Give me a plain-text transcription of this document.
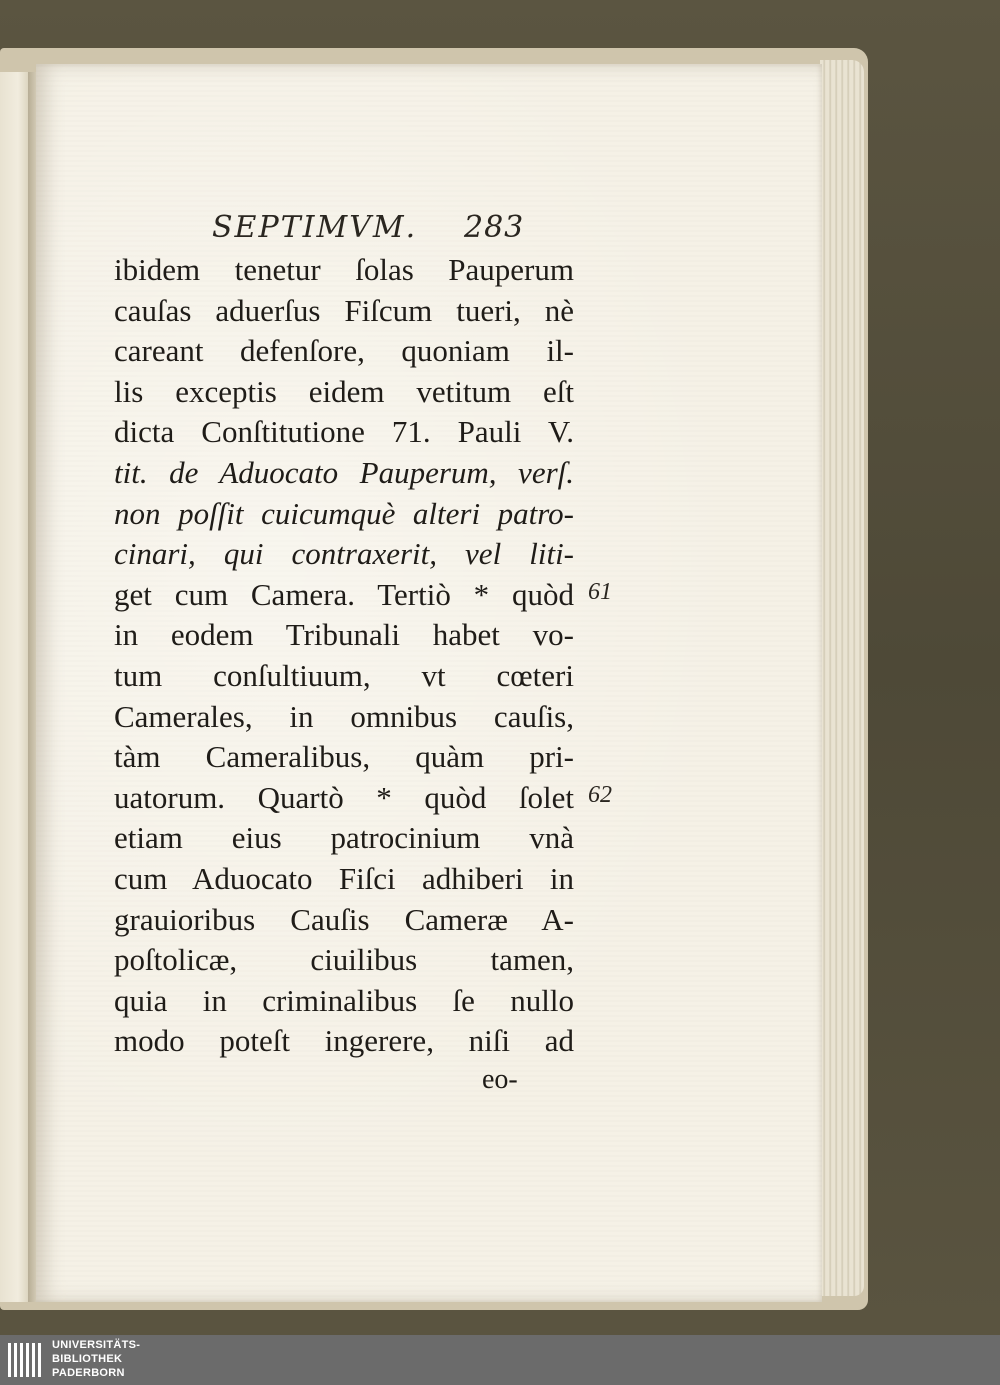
SEPTIMVM. 283
ibidem tenetur ſolas Pauperum
cauſas aduerſus Fiſcum tueri, nè
careant defenſore, quoniam il-
lis exceptis eidem vetitum eſt
dicta Conſtitutione 71. Pauli V.
tit. de Aduocato Pauperum, verſ.
non poſſit cuicumquè alteri patro-
cinari, qui contraxerit, vel liti-
get cum Camera. Tertiò * quòd
in eodem Tribunali habet vo-
tum conſultiuum, vt cœteri
Camerales, in omnibus cauſis,
tàm Cameralibus, quàm pri-
uatorum. Quartò * quòd ſolet
etiam eius patrocinium vnà
cum Aduocato Fiſci adhiberi in
grauioribus Cauſis Cameræ A-
poſtolicæ, ciuilibus tamen,
quia in criminalibus ſe nullo
modo poteſt ingerere, niſi ad
61
62
eo-
UNIVERSITÄTS-
BIBLIOTHEK
PADERBORN
